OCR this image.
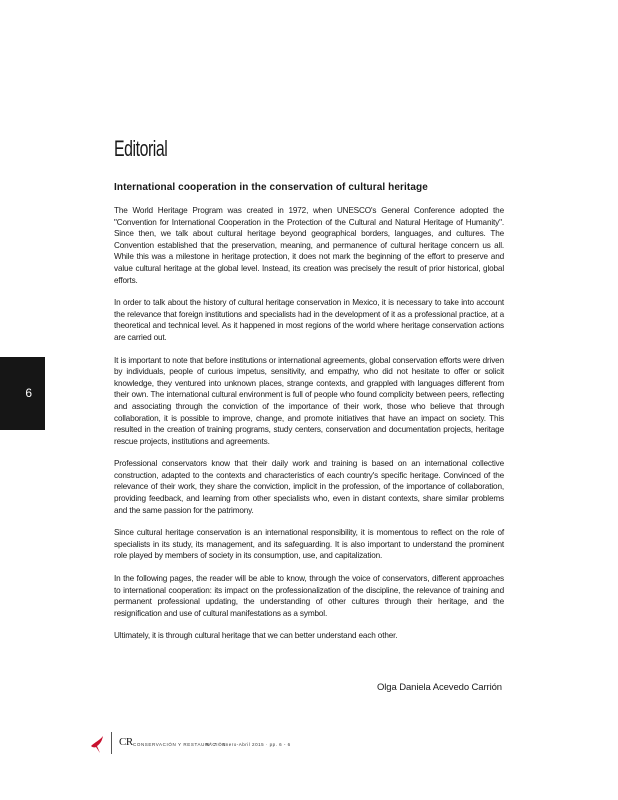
6
Editorial
International cooperation in the conservation of cultural heritage

The World Heritage Program was created in 1972, when UNESCO's General Conference adopted the "Convention for International Cooperation in the Protection of the Cultural and Natural Heritage of Humanity". Since then, we talk about cultural heritage beyond geographical borders, languages, and cultures. The Convention established that the preservation, meaning, and permanence of cultural heritage concern us all. While this was a milestone in heritage protection, it does not mark the beginning of the effort to preserve and value cultural heritage at the global level. Instead, its creation was precisely the result of prior historical, global efforts.

In order to talk about the history of cultural heritage conservation in Mexico, it is necessary to take into account the relevance that foreign institutions and specialists had in the development of it as a professional practice, at a theoretical and technical level. As it happened in most regions of the world where heritage conservation actions are carried out.

It is important to note that before institutions or international agreements, global conservation efforts were driven by individuals, people of curious impetus, sensitivity, and empathy, who did not hesitate to offer or solicit knowledge, they ventured into unknown places, strange contexts, and grappled with languages different from their own. The international cultural environment is full of people who found complicity between peers, reflecting and associating through the conviction of the importance of their work, those who believe that through collaboration, it is possible to improve, change, and promote initiatives that have an impact on society. This resulted in the creation of training programs, study centers, conservation and documentation projects, heritage rescue projects, institutions and agreements.

Professional conservators know that their daily work and training is based on an international collective construction, adapted to the contexts and characteristics of each country's specific heritage. Convinced of the relevance of their work, they share the conviction, implicit in the profession, of the importance of collaboration, providing feedback, and learning from other specialists who, even in distant contexts, share similar problems and the same passion for the patrimony.

Since cultural heritage conservation is an international responsibility, it is momentous to reflect on the role of specialists in its study, its management, and its safeguarding. It is also important to understand the prominent role played by members of society in its consumption, use, and capitalization.

In the following pages, the reader will be able to know, through the voice of conservators, different approaches to international cooperation: its impact on the professionalization of the discipline, the relevance of training and permanent professional updating, the understanding of other cultures through their heritage, and the resignification and use of cultural manifestations as a symbol.

Ultimately, it is through cultural heritage that we can better understand each other.

Olga Daniela Acevedo Carrión
CR CONSERVACIÓN Y RESTAURACIÓN
N° 7 · Enero-Abril 2015 · pp. 6 - 6
